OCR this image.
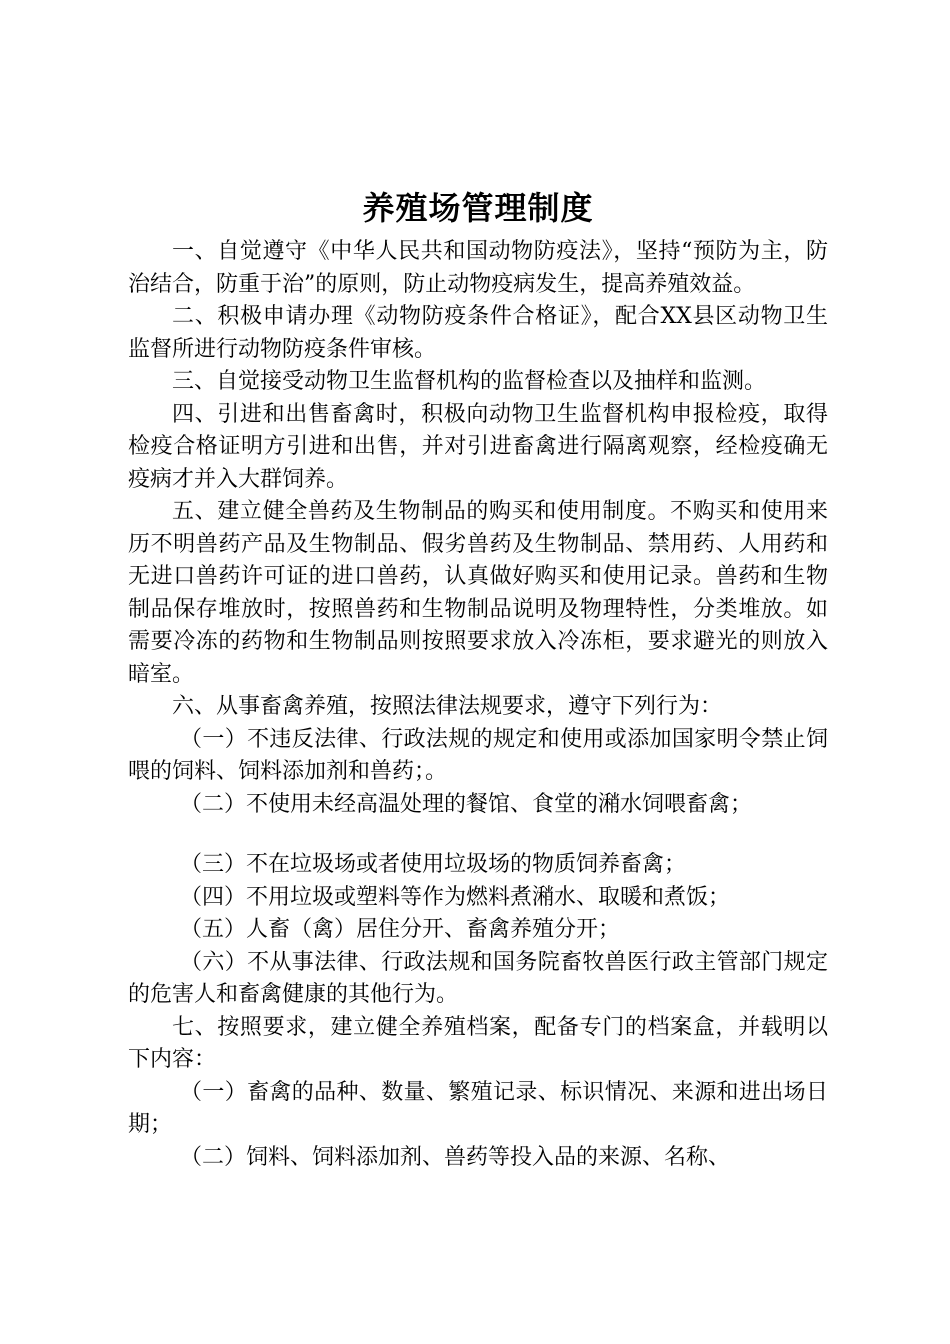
养殖场管理制度

一、自觉遵守《中华人民共和国动物防疫法》，坚持“预防为主，防治结合，防重于治”的原则，防止动物疫病发生，提高养殖效益。

二、积极申请办理《动物防疫条件合格证》，配合XX县区动物卫生监督所进行动物防疫条件审核。

三、自觉接受动物卫生监督机构的监督检查以及抽样和监测。

四、引进和出售畜禽时，积极向动物卫生监督机构申报检疫，取得检疫合格证明方引进和出售，并对引进畜禽进行隔离观察，经检疫确无疫病才并入大群饲养。

五、建立健全兽药及生物制品的购买和使用制度。不购买和使用来历不明兽药产品及生物制品、假劣兽药及生物制品、禁用药、人用药和无进口兽药许可证的进口兽药，认真做好购买和使用记录。兽药和生物制品保存堆放时，按照兽药和生物制品说明及物理特性，分类堆放。如需要冷冻的药物和生物制品则按照要求放入冷冻柜，要求避光的则放入暗室。

六、从事畜禽养殖，按照法律法规要求，遵守下列行为：

（一）不违反法律、行政法规的规定和使用或添加国家明令禁止饲喂的饲料、饲料添加剂和兽药；。

（二）不使用未经高温处理的餐馆、食堂的潲水饲喂畜禽；

（三）不在垃圾场或者使用垃圾场的物质饲养畜禽；

（四）不用垃圾或塑料等作为燃料煮潲水、取暖和煮饭；

（五）人畜（禽）居住分开、畜禽养殖分开；

（六）不从事法律、行政法规和国务院畜牧兽医行政主管部门规定的危害人和畜禽健康的其他行为。

七、按照要求，建立健全养殖档案，配备专门的档案盒，并载明以下内容：

（一）畜禽的品种、数量、繁殖记录、标识情况、来源和进出场日期；

（二）饲料、饲料添加剂、兽药等投入品的来源、名称、
